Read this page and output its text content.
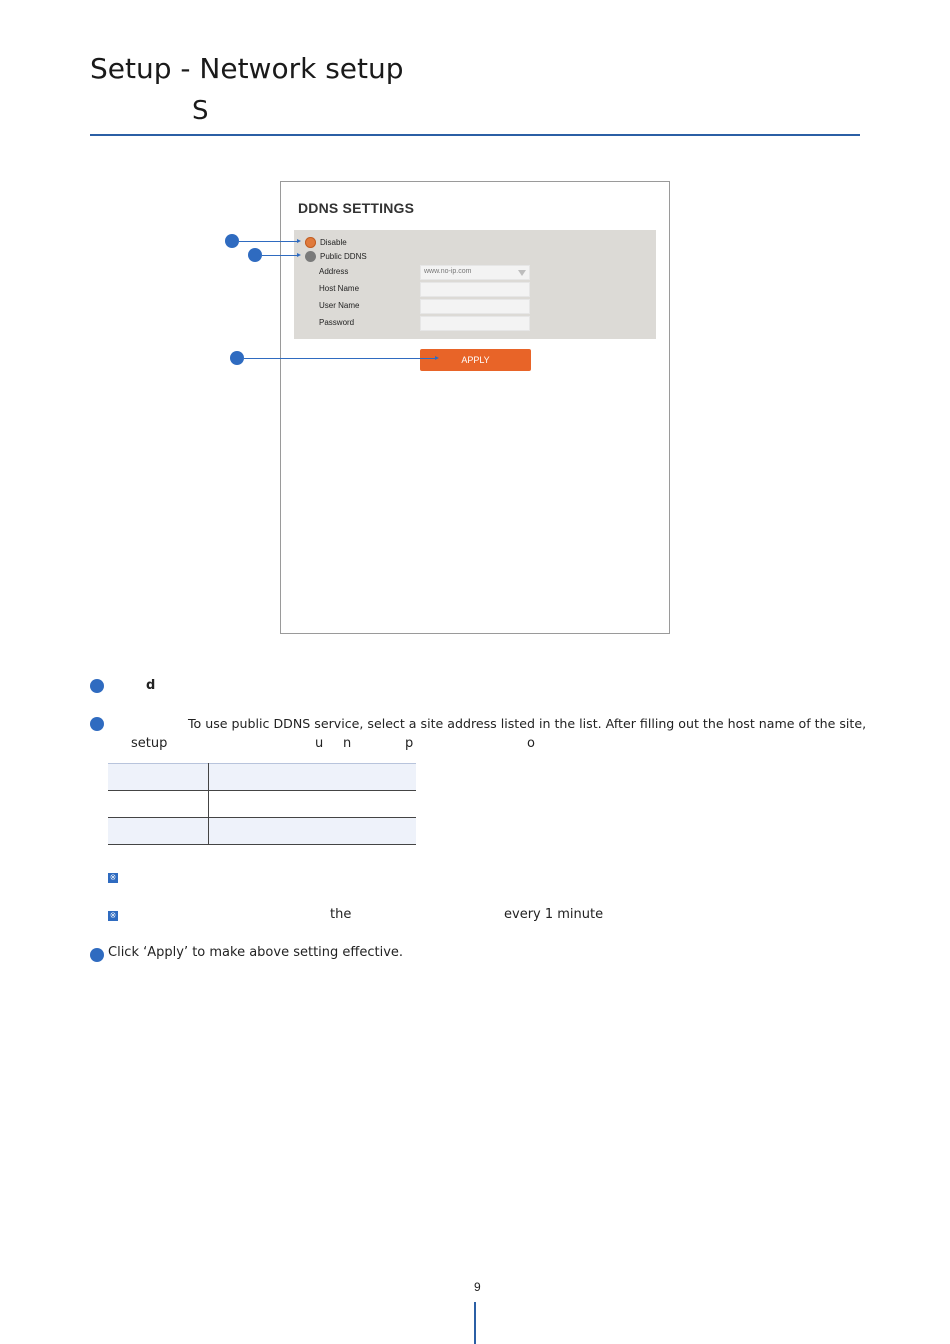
Setup - Network setup
S
DDNS SETTINGS
Disable
Public DDNS
Address	www.no-ip.com
Host Name
User Name
Password
APPLY
d
To use public DDNS service, select a site address listed in the list. After filling out the host name of the site,
setup	u n	p	o

※
※	the	every 1 minute
Click ‘Apply’ to make above setting effective.
9
